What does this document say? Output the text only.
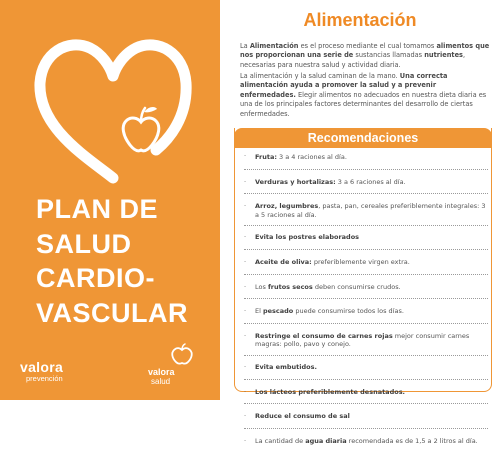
PLAN DE
SALUD
CARDIO-
VASCULAR
valora
prevención
valora
salud
Alimentación

La Alimentación es el proceso mediante el cual tomamos alimentos que nos proporcionan una serie de sustancias llamadas nutrientes, necesarias para nuestra salud y actividad diaria.

La alimentación y la salud caminan de la mano. Una correcta alimentación ayuda a promover la salud y a prevenir enfermedades. Elegir alimentos no adecuados en nuestra dieta diaria es una de los principales factores determinantes del desarrollo de ciertas enfermedades.

Recomendaciones
· Fruta: 3 a 4 raciones al día.
· Verduras y hortalizas: 3 a 6 raciones al día.
· Arroz, legumbres, pasta, pan, cereales preferiblemente integrales: 3 a 5 raciones al día.
· Evita los postres elaborados
· Aceite de oliva: preferiblemente virgen extra.
· Los frutos secos deben consumirse crudos.
· El pescado puede consumirse todos los días.
· Restringe el consumo de carnes rojas mejor consumir carnes magras: pollo, pavo y conejo.
· Evita embutidos.
· Los lácteos preferiblemente desnatados.
· Reduce el consumo de sal
· La cantidad de agua diaria recomendada es de 1,5 a 2 litros al día.
